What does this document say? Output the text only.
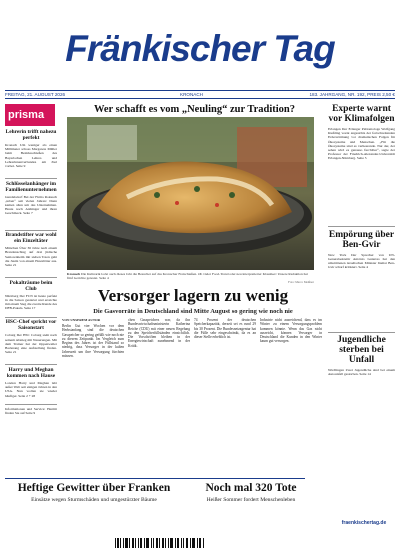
Fränkischer Tag
FREITAG, 21. AUGUST 2026	KRONACH	183. JAHRGANG, NR. 192, PREIS 2,50 €
prisma
Lehrerin trifft nahezu perfekt
Kronach Um weniger als einen Millimeter schoss Margarete Müller beim Bezirksschießen des Bayerischen Lehrer- und Lehrerinnenverbandes am Ziel vorbei. Seite 9
Schlüsselanhänger im Familienunternehmen
Gundelsdorf Bei der Firma Rokusch „leben“ seit vielen Jahren: Dann kamen allen um das Unternehmen. Heute noch Anhänger und ihren Geschmack. Seite 7
Brandstifter war wohl ein Einzeltäter
München Über 36 Jahre nach einem Brandanschlag auf drei jüdische Seniorenheim mit sieben Toten geht die Justiz von einem Einzeltäter aus. Seite 21
Pokalträume beim Club
Nürnberg Der FCN ist heute perfekt in die Saison gestartet und erreichte mit einem Sieg die zweite Runde des DFB-Pokals. Seite 17
HSC-Chef spricht vor Saisonstart
Coburg Der HSC Coburg steht nach seinem Abstieg mit Neuerungen. Mit dem Trainer hat der Oppenweiler Backnang eine Aufstellung finden. Seite 21
Harry und Meghan kommen nach Hause
London Harry und Meghan lebt außer Welt seit einigen Jahren in den USA. Nun wollen sie wieder häufiger. Seite 2 + 28
Informationen und Service: Hermit finden Sie auf Seite 9
Wer schafft es vom „Neuling“ zur Tradition?
Kronach Die Kulinarik lockt auch dieses Jahr die Besucher auf das Kronacher Freischießen. Ob vieler Food-Trend oder neu interpretierter Klassiker: Unsere Redaktion hat fünf Gerichte getestet. Seite 4
Foto: Marco Meißner
Versorger lagern zu wenig
Die Gasvorräte in Deutschland sind Mitte August so gering wie noch nie
VON UNSEREM AUTOR
Berlin Gut vier Wochen vor dem Herbstanfang sind die deutschen Gasspeicher so gering gefüllt wie noch nie zu diesem Zeitpunkt. Im Vergleich zum Beginn des Jahres ist der Füllstand so niedrig, dass Versorger in der kalten Jahreszeit um ihre Versorgung fürchten müssen.
chen Gasspeichers war, da ihn Bundeswirtschaftsministerin Katherina Reiche (CDU) mit einer neuen Regelung zu den Speicherfüllständen einsichtlich. Die Vorschriften bleiben in der Energiewirtschaft zunehmend in der Kritik.
74 Prozent der deutschen Speicherkapazität, derzeit sei es rund 29 bis 30 Prozent. Die Bundesnetzagentur hat die Fülle sehr eingeschränkt, da es an dieser Stelle erheblich ist.
Industrie nicht ausreichend, dass es im Winter zu einem Versorgungsproblem kommen könnte. Wenn das Gas nicht ausreicht, können Versorger in Deutschland die Kunden in den Winter kaum gut versorgen.
Experte warnt vor Klimafolgen
Erlangen Der Erlanger Paläontologe Wolfgang Kießling warnt angesichts der fortschreitenden Erderwärmung vor dramatischen Folgen für Ökosysteme und Menschen. „Für die Ökosysteme sind es verheerende. Nur der, der sehen wird es genauso furchtbar“, sagte der Professor der Friedrich-Alexander-Universität Erlangen-Nürnberg. Seite 5
Empörung über Ben-Gvir
New York Der Sprecher von UN-Generalsekretär António Guterres hat den umstrittenen israelischen Minister Itamar Ben-Gvir scharf kritisiert. Seite 4
Jugendliche sterben bei Unfall
Nördlingen Zwei Jugendliche sind bei einem Autounfall gestorben. Seite 14
fraenkischertag.de
Heftige Gewitter über Franken
Einsätze wegen Sturmschäden und umgestürzter Bäume
Noch mal 320 Tote
Heißer Sommer fordert Menschenleben
